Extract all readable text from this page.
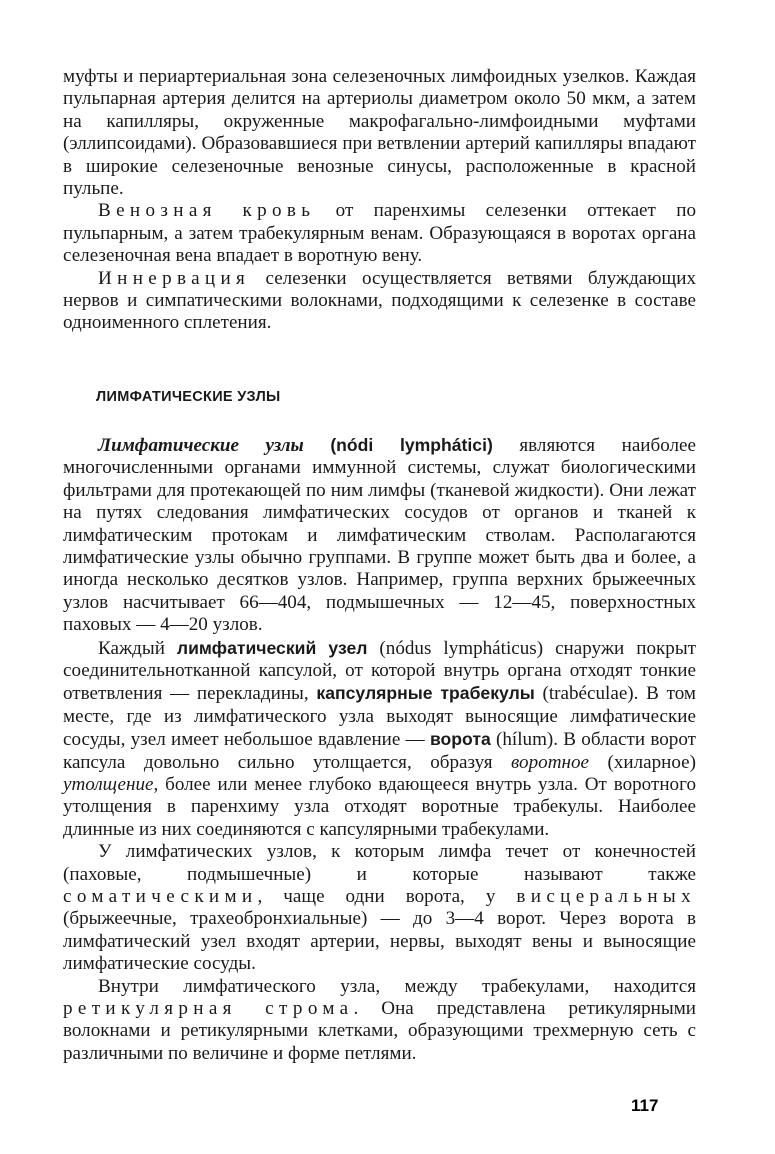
муфты и периартериальная зона селезеночных лимфоидных узелков. Каждая пульпарная артерия делится на артериолы диаметром около 50 мкм, а затем на капилляры, окруженные макрофагально-лимфоидными муфтами (эллипсоидами). Образовавшиеся при ветвлении артерий капилляры впадают в широкие селезеночные венозные синусы, расположенные в красной пульпе.

Венозная кровь от паренхимы селезенки оттекает по пульпарным, а затем трабекулярным венам. Образующаяся в воротах органа селезеночная вена впадает в воротную вену.

Иннервация селезенки осуществляется ветвями блуждающих нервов и симпатическими волокнами, подходящими к селезенке в составе одноименного сплетения.

ЛИМФАТИЧЕСКИЕ УЗЛЫ

Лимфатические узлы (nódi lympháticі) являются наиболее многочисленными органами иммунной системы, служат биологическими фильтрами для протекающей по ним лимфы (тканевой жидкости). Они лежат на путях следования лимфатических сосудов от органов и тканей к лимфатическим протокам и лимфатическим стволам. Располагаются лимфатические узлы обычно группами. В группе может быть два и более, а иногда несколько десятков узлов. Например, группа верхних брыжеечных узлов насчитывает 66—404, подмышечных — 12—45, поверхностных паховых — 4—20 узлов.

Каждый лимфатический узел (nódus lympháticus) снаружи покрыт соединительнотканной капсулой, от которой внутрь органа отходят тонкие ответвления — перекладины, капсулярные трабекулы (trabéculae). В том месте, где из лимфатического узла выходят выносящие лимфатические сосуды, узел имеет небольшое вдавление — ворота (hílum). В области ворот капсула довольно сильно утолщается, образуя воротное (хиларное) утолщение, более или менее глубоко вдающееся внутрь узла. От воротного утолщения в паренхиму узла отходят воротные трабекулы. Наиболее длинные из них соединяются с капсулярными трабекулами.

У лимфатических узлов, к которым лимфа течет от конечностей (паховые, подмышечные) и которые называют также соматическими, чаще одни ворота, у висцеральных (брыжеечные, трахеобронхиальные) — до 3—4 ворот. Через ворота в лимфатический узел входят артерии, нервы, выходят вены и выносящие лимфатические сосуды.

Внутри лимфатического узла, между трабекулами, находится ретикулярная строма. Она представлена ретикулярными волокнами и ретикулярными клетками, образующими трехмерную сеть с различными по величине и форме петлями.

117
